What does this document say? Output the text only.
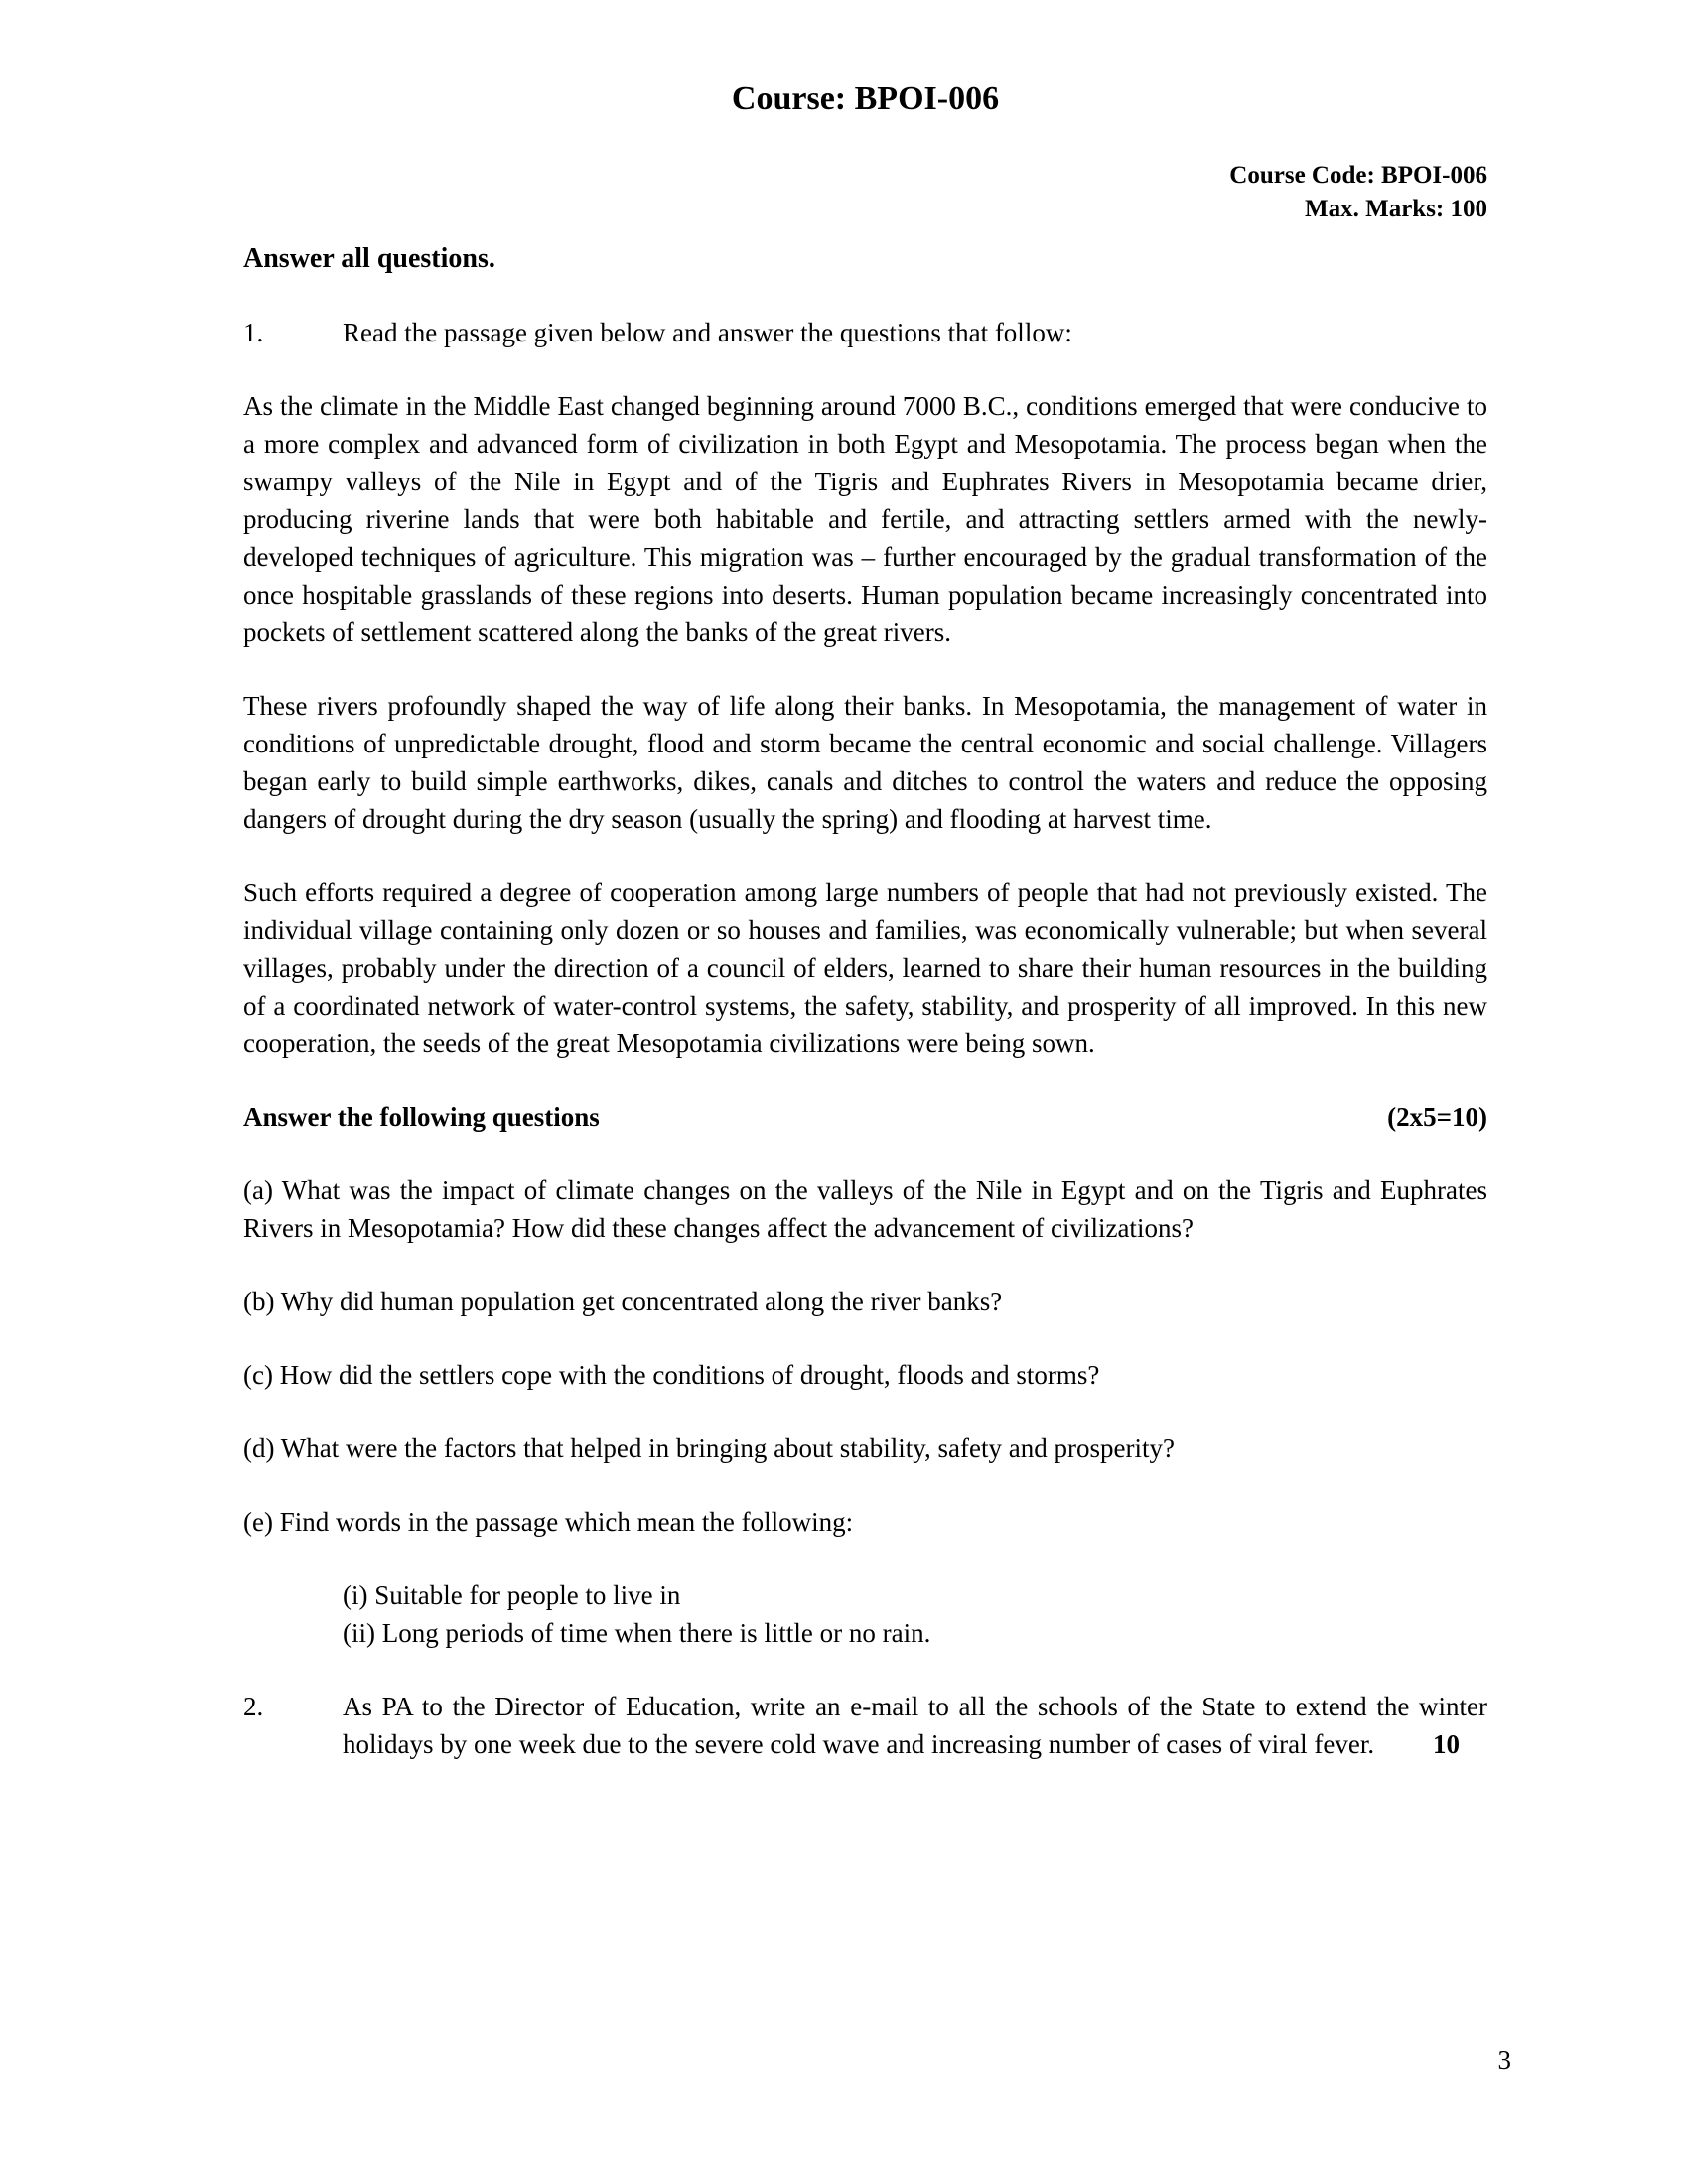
Course: BPOI-006
Course Code: BPOI-006
Max. Marks: 100
Answer all questions.
1.	Read the passage given below and answer the questions that follow:

As the climate in the Middle East changed beginning around 7000 B.C., conditions emerged that were conducive to a more complex and advanced form of civilization in both Egypt and Mesopotamia. The process began when the swampy valleys of the Nile in Egypt and of the Tigris and Euphrates Rivers in Mesopotamia became drier, producing riverine lands that were both habitable and fertile, and attracting settlers armed with the newly-developed techniques of agriculture. This migration was – further encouraged by the gradual transformation of the once hospitable grasslands of these regions into deserts. Human population became increasingly concentrated into pockets of settlement scattered along the banks of the great rivers.

These rivers profoundly shaped the way of life along their banks. In Mesopotamia, the management of water in conditions of unpredictable drought, flood and storm became the central economic and social challenge. Villagers began early to build simple earthworks, dikes, canals and ditches to control the waters and reduce the opposing dangers of drought during the dry season (usually the spring) and flooding at harvest time.

Such efforts required a degree of cooperation among large numbers of people that had not previously existed. The individual village containing only dozen or so houses and families, was economically vulnerable; but when several villages, probably under the direction of a council of elders, learned to share their human resources in the building of a coordinated network of water-control systems, the safety, stability, and prosperity of all improved. In this new cooperation, the seeds of the great Mesopotamia civilizations were being sown.

Answer the following questions	(2x5=10)

(a) What was the impact of climate changes on the valleys of the Nile in Egypt and on the Tigris and Euphrates Rivers in Mesopotamia? How did these changes affect the advancement of civilizations?

(b) Why did human population get concentrated along the river banks?

(c) How did the settlers cope with the conditions of drought, floods and storms?

(d) What were the factors that helped in bringing about stability, safety and prosperity?

(e) Find words in the passage which mean the following:

(i) Suitable for people to live in
(ii) Long periods of time when there is little or no rain.
2.	As PA to the Director of Education, write an e-mail to all the schools of the State to extend the winter holidays by one week due to the severe cold wave and increasing number of cases of viral fever. 10
3
